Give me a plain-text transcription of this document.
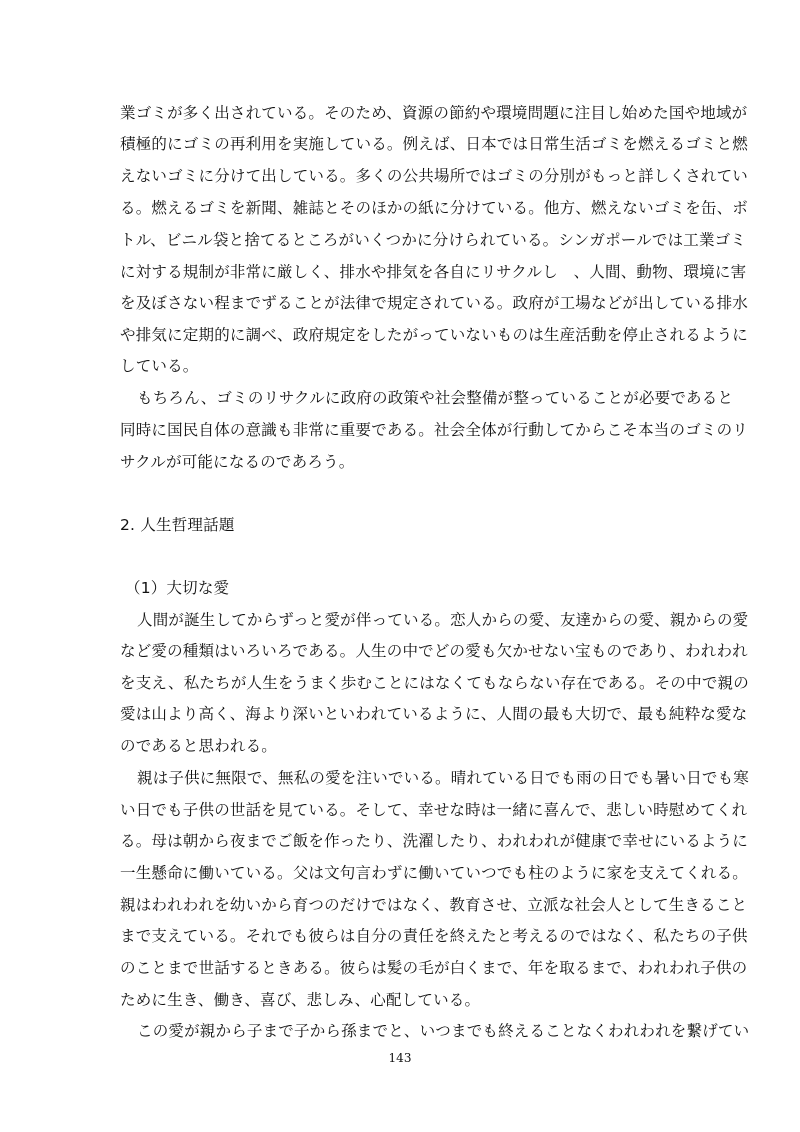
業ゴミが多く出されている。そのため、資源の節約や環境問題に注目し始めた国や地域が
積極的にゴミの再利用を実施している。例えば、日本では日常生活ゴミを燃えるゴミと燃
えないゴミに分けて出している。多くの公共場所ではゴミの分別がもっと詳しくされてい
る。燃えるゴミを新聞、雑誌とそのほかの紙に分けている。他方、燃えないゴミを缶、ボ
トル、ビニル袋と捨てるところがいくつかに分けられている。シンガポールでは工業ゴミ
に対する規制が非常に厳しく、排水や排気を各自にリサクルし　、人間、動物、環境に害
を及ぼさない程までずることが法律で規定されている。政府が工場などが出している排水
や排気に定期的に調べ、政府規定をしたがっていないものは生産活動を停止されるように
している。
もちろん、ゴミのリサクルに政府の政策や社会整備が整っていることが必要であると
同時に国民自体の意識も非常に重要である。社会全体が行動してからこそ本当のゴミのリ
サクルが可能になるのであろう。
2. 人生哲理話題
（1）大切な愛
人間が誕生してからずっと愛が伴っている。恋人からの愛、友達からの愛、親からの愛
など愛の種類はいろいろである。人生の中でどの愛も欠かせない宝ものであり、われわれ
を支え、私たちが人生をうまく歩むことにはなくてもならない存在である。その中で親の
愛は山より高く、海より深いといわれているように、人間の最も大切で、最も純粋な愛な
のであると思われる。
親は子供に無限で、無私の愛を注いでいる。晴れている日でも雨の日でも暑い日でも寒
い日でも子供の世話を見ている。そして、幸せな時は一緒に喜んで、悲しい時慰めてくれ
る。母は朝から夜までご飯を作ったり、洗濯したり、われわれが健康で幸せにいるように
一生懸命に働いている。父は文句言わずに働いていつでも柱のように家を支えてくれる。
親はわれわれを幼いから育つのだけではなく、教育させ、立派な社会人として生きること
まで支えている。それでも彼らは自分の責任を終えたと考えるのではなく、私たちの子供
のことまで世話するときある。彼らは髪の毛が白くまで、年を取るまで、われわれ子供の
ために生き、働き、喜び、悲しみ、心配している。
この愛が親から子まで子から孫までと、いつまでも終えることなくわれわれを繋げてい
143
